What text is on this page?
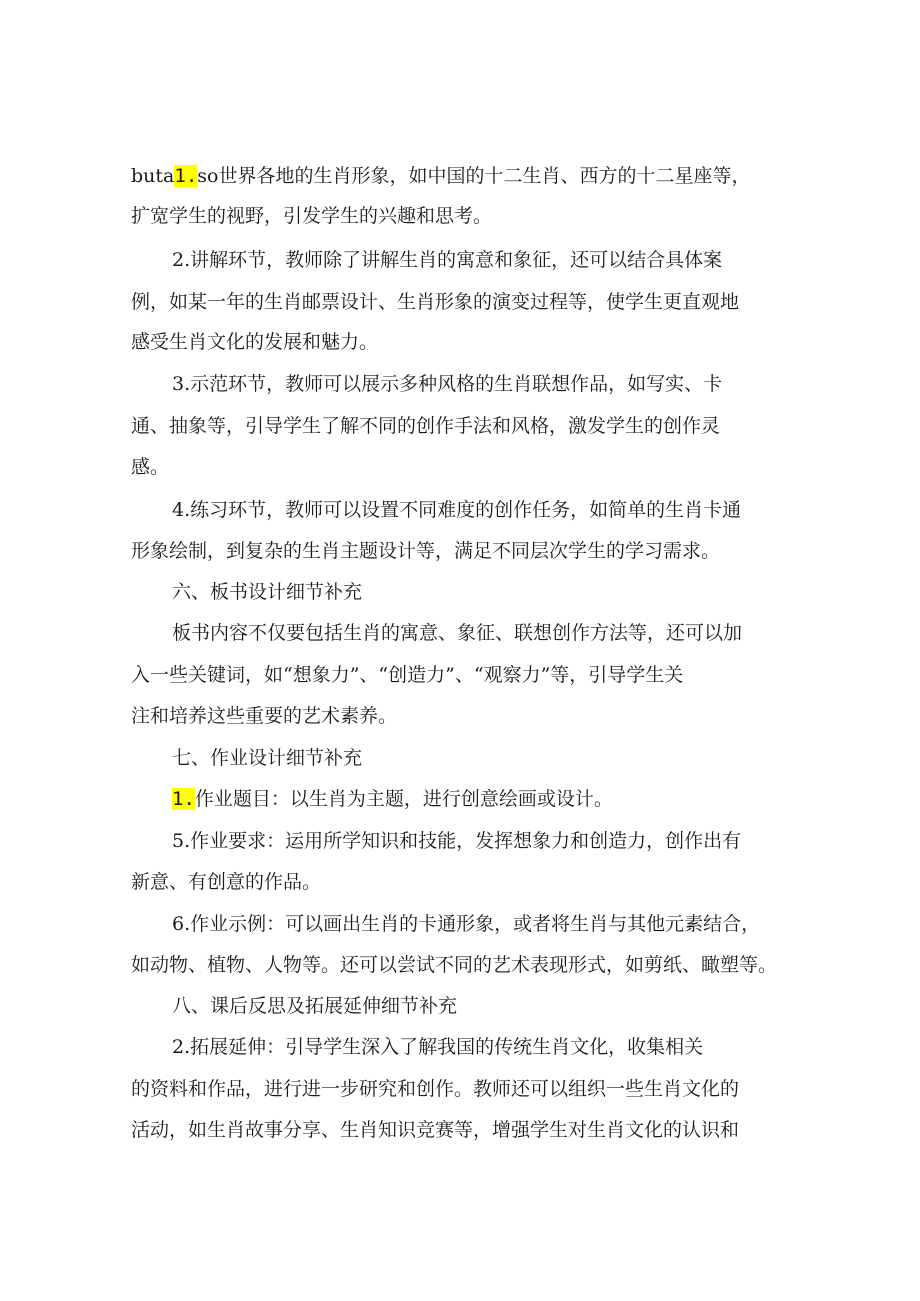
buta1.so世界各地的生肖形象，如中国的十二生肖、西方的十二星座等，
扩宽学生的视野，引发学生的兴趣和思考。
2.讲解环节，教师除了讲解生肖的寓意和象征，还可以结合具体案
例，如某一年的生肖邮票设计、生肖形象的演变过程等，使学生更直观地
感受生肖文化的发展和魅力。
3.示范环节，教师可以展示多种风格的生肖联想作品，如写实、卡
通、抽象等，引导学生了解不同的创作手法和风格，激发学生的创作灵
感。
4.练习环节，教师可以设置不同难度的创作任务，如简单的生肖卡通
形象绘制，到复杂的生肖主题设计等，满足不同层次学生的学习需求。
六、板书设计细节补充
板书内容不仅要包括生肖的寓意、象征、联想创作方法等，还可以加
入一些关键词，如“想象力”、“创造力”、“观察力”等，引导学生关
注和培养这些重要的艺术素养。
七、作业设计细节补充
1.作业题目：以生肖为主题，进行创意绘画或设计。
5.作业要求：运用所学知识和技能，发挥想象力和创造力，创作出有
新意、有创意的作品。
6.作业示例：可以画出生肖的卡通形象，或者将生肖与其他元素结合，
如动物、植物、人物等。还可以尝试不同的艺术表现形式，如剪纸、瞰塑等。
八、课后反思及拓展延伸细节补充
2.拓展延伸：引导学生深入了解我国的传统生肖文化，收集相关
的资料和作品，进行进一步研究和创作。教师还可以组织一些生肖文化的
活动，如生肖故事分享、生肖知识竞赛等，增强学生对生肖文化的认识和
